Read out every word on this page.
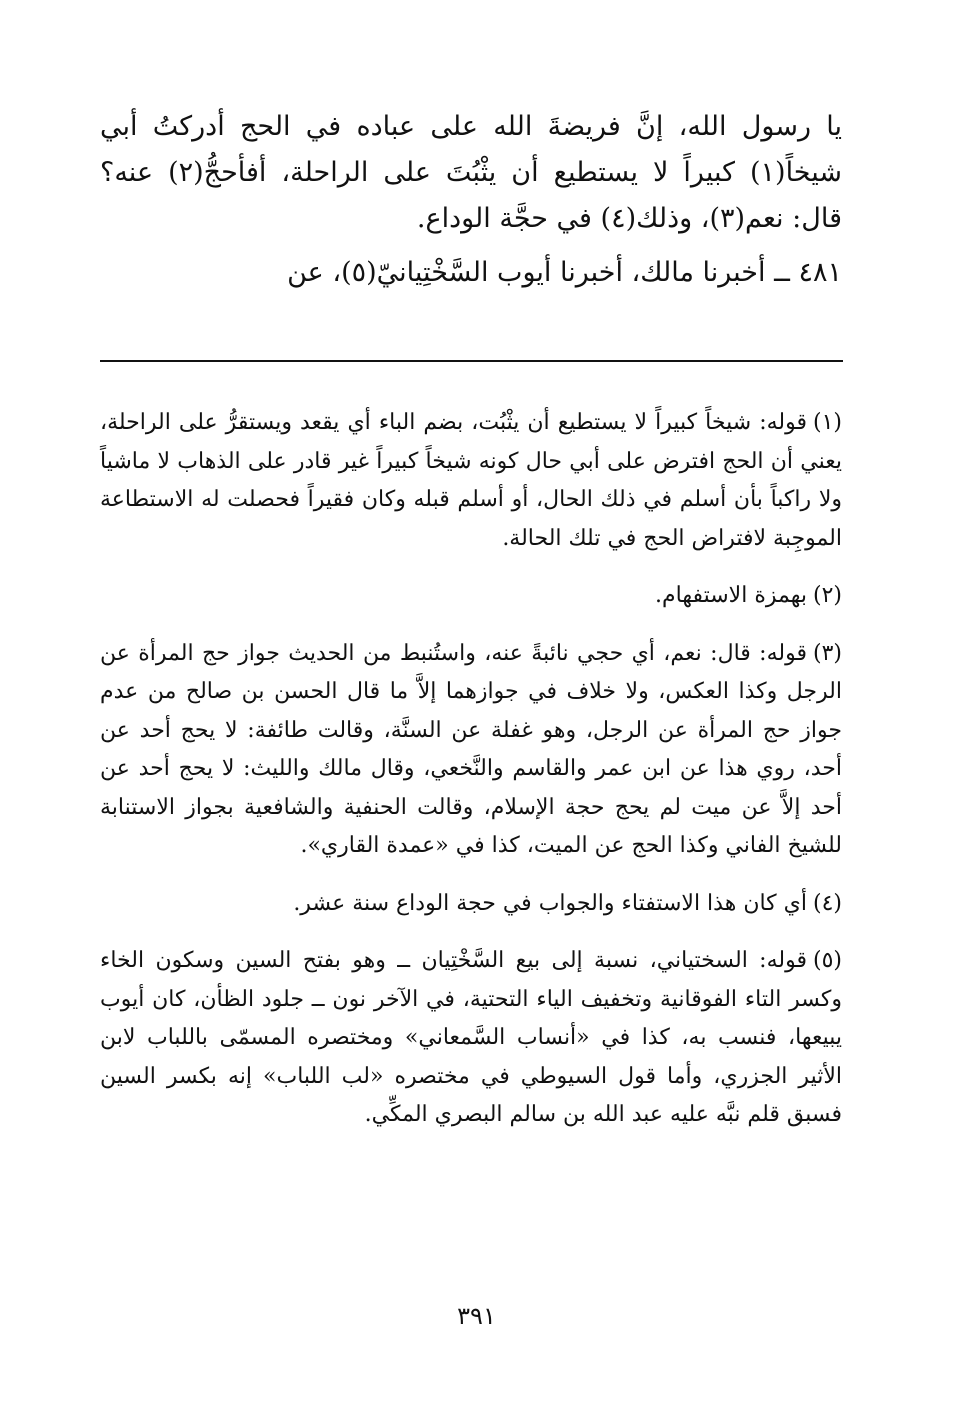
يا رسول الله، إنَّ فريضةَ الله على عباده في الحج أدركتُ أبي شيخاً(١) كبيراً لا يستطيع أن يثْبُتَ على الراحلة، أفأحجُّ(٢) عنه؟ قال: نعم(٣)، وذلك(٤) في حجَّة الوداع.

٤٨١ ــ أخبرنا مالك، أخبرنا أيوب السَّخْتِيانيّ(٥)، عن

(١)قوله: شيخاً كبيراً لا يستطيع أن يثْبُت، بضم الباء أي يقعد ويستقرُّ على الراحلة، يعني أن الحج افترض على أبي حال كونه شيخاً كبيراً غير قادر على الذهاب لا ماشياً ولا راكباً بأن أسلم في ذلك الحال، أو أسلم قبله وكان فقيراً فحصلت له الاستطاعة الموجِبة لافتراض الحج في تلك الحالة.

(٢)بهمزة الاستفهام.

(٣)قوله: قال: نعم، أي حجي نائبةً عنه، واستُنبط من الحديث جواز حج المرأة عن الرجل وكذا العكس، ولا خلاف في جوازهما إلاَّ ما قال الحسن بن صالح من عدم جواز حج المرأة عن الرجل، وهو غفلة عن السنَّة، وقالت طائفة: لا يحج أحد عن أحد، روي هذا عن ابن عمر والقاسم والنَّخعي، وقال مالك والليث: لا يحج أحد عن أحد إلاَّ عن ميت لم يحج حجة الإسلام، وقالت الحنفية والشافعية بجواز الاستنابة للشيخ الفاني وكذا الحج عن الميت، كذا في «عمدة القاري».

(٤)أي كان هذا الاستفتاء والجواب في حجة الوداع سنة عشر.

(٥)قوله: السختياني، نسبة إلى بيع السَّخْتِيان ــ وهو بفتح السين وسكون الخاء وكسر التاء الفوقانية وتخفيف الياء التحتية، في الآخر نون ــ جلود الظأن، كان أيوب يبيعها، فنسب به، كذا في «أنساب السَّمعاني» ومختصره المسمّى باللباب لابن الأثير الجزري، وأما قول السيوطي في مختصره «لب اللباب» إنه بكسر السين فسبق قلم نبَّه عليه عبد الله بن سالم البصري المكِّي.

٣٩١
